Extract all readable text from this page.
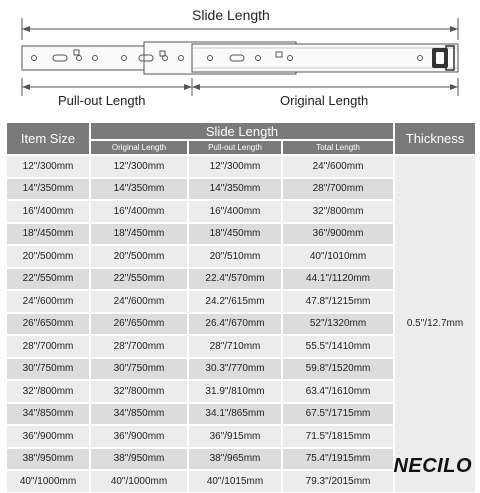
Slide Length
Pull-out Length	Original Length
Item Size	Slide Length			Thickness
	Original Length	Pull-out Length	Total Length	
12"/300mm	12"/300mm	12"/300mm	24"/600mm	0.5"/12.7mm
14"/350mm	14"/350mm	14"/350mm	28"/700mm	
16"/400mm	16"/400mm	16"/400mm	32"/800mm	
18"/450mm	18"/450mm	18"/450mm	36"/900mm	
20"/500mm	20"/500mm	20"/510mm	40"/1010mm	
22"/550mm	22"/550mm	22.4"/570mm	44.1"/1120mm	
24"/600mm	24"/600mm	24.2"/615mm	47.8"/1215mm	
26"/650mm	26"/650mm	26.4"/670mm	52"/1320mm	
28"/700mm	28"/700mm	28"/710mm	55.5"/1410mm	
30"/750mm	30"/750mm	30.3"/770mm	59.8"/1520mm	
32"/800mm	32"/800mm	31.9"/810mm	63.4"/1610mm	
34"/850mm	34"/850mm	34.1"/865mm	67.5"/1715mm	
36"/900mm	36"/900mm	36"/915mm	71.5"/1815mm	
38"/950mm	38"/950mm	38"/965mm	75.4"/1915mm	
40"/1000mm	40"/1000mm	40"/1015mm	79.3"/2015mm	
NECILO
